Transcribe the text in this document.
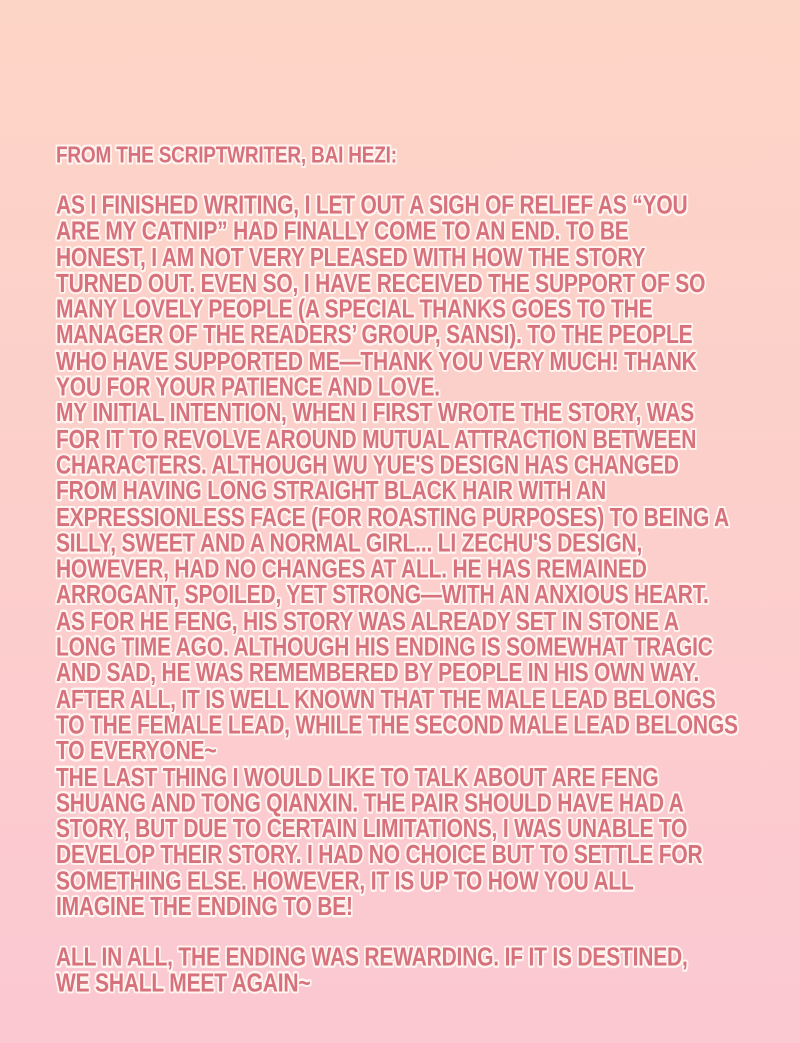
FROM THE SCRIPTWRITER, BAI HEZI:
AS I FINISHED WRITING, I LET OUT A SIGH OF RELIEF AS “YOU
ARE MY CATNIP” HAD FINALLY COME TO AN END. TO BE
HONEST, I AM NOT VERY PLEASED WITH HOW THE STORY
TURNED OUT. EVEN SO, I HAVE RECEIVED THE SUPPORT OF SO
MANY LOVELY PEOPLE (A SPECIAL THANKS GOES TO THE
MANAGER OF THE READERS’ GROUP, SANSI). TO THE PEOPLE
WHO HAVE SUPPORTED ME—THANK YOU VERY MUCH! THANK
YOU FOR YOUR PATIENCE AND LOVE.
MY INITIAL INTENTION, WHEN I FIRST WROTE THE STORY, WAS
FOR IT TO REVOLVE AROUND MUTUAL ATTRACTION BETWEEN
CHARACTERS. ALTHOUGH WU YUE'S DESIGN HAS CHANGED
FROM HAVING LONG STRAIGHT BLACK HAIR WITH AN
EXPRESSIONLESS FACE (FOR ROASTING PURPOSES) TO BEING A
SILLY, SWEET AND A NORMAL GIRL... LI ZECHU'S DESIGN,
HOWEVER, HAD NO CHANGES AT ALL. HE HAS REMAINED
ARROGANT, SPOILED, YET STRONG—WITH AN ANXIOUS HEART.
AS FOR HE FENG, HIS STORY WAS ALREADY SET IN STONE A
LONG TIME AGO. ALTHOUGH HIS ENDING IS SOMEWHAT TRAGIC
AND SAD, HE WAS REMEMBERED BY PEOPLE IN HIS OWN WAY.
AFTER ALL, IT IS WELL KNOWN THAT THE MALE LEAD BELONGS
TO THE FEMALE LEAD, WHILE THE SECOND MALE LEAD BELONGS
TO EVERYONE~
THE LAST THING I WOULD LIKE TO TALK ABOUT ARE FENG
SHUANG AND TONG QIANXIN. THE PAIR SHOULD HAVE HAD A
STORY, BUT DUE TO CERTAIN LIMITATIONS, I WAS UNABLE TO
DEVELOP THEIR STORY. I HAD NO CHOICE BUT TO SETTLE FOR
SOMETHING ELSE. HOWEVER, IT IS UP TO HOW YOU ALL
IMAGINE THE ENDING TO BE!
ALL IN ALL, THE ENDING WAS REWARDING. IF IT IS DESTINED,
WE SHALL MEET AGAIN~
